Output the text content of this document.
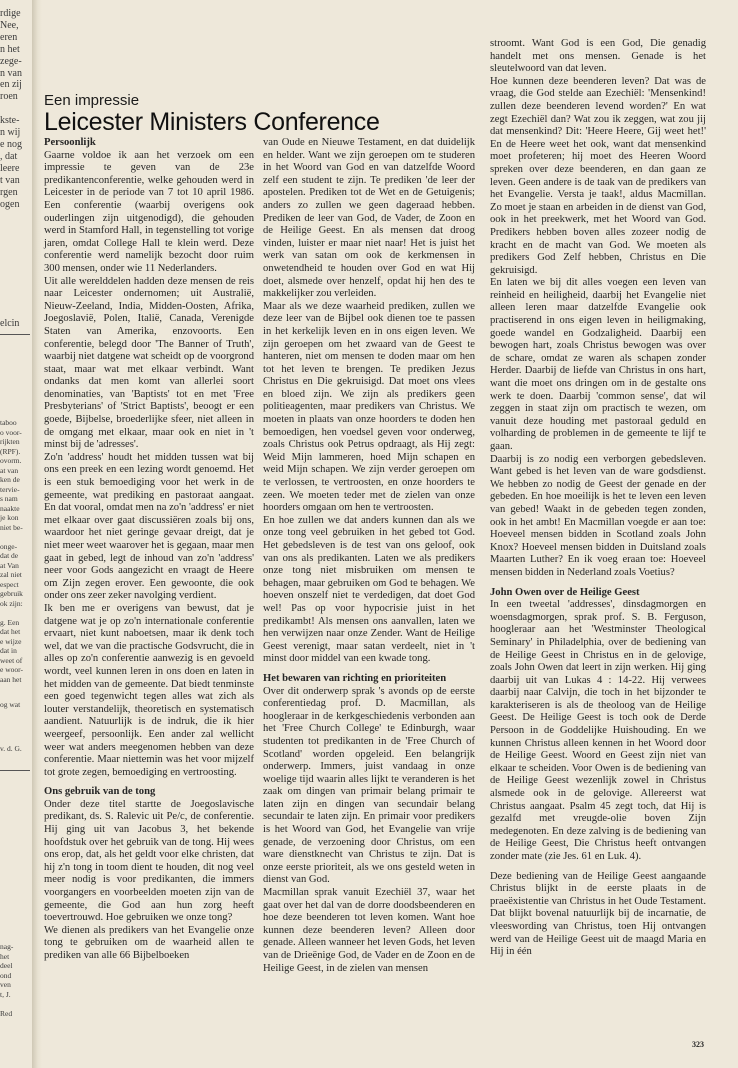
rdige
Nee,
eren
n het
zege-
n van
en zij
roen

kste-
n wij
e nog
, dat
leere
t van
rgen
ogen
elcin
taboo
o voor-
rijkten
(RPF).
ovorm.
at van
ken de
tervie-
s nam
naakte
je kon
niet be-

onge-
dat de
at Van
zal niet
espect
gebruik
ok zijn:

g. Een
dat het
e wijze
dat in
weet of
e woor-
aan het
og wat
v. d. G.
nag-
het
deel
ond
ven
t, J.

Red
Een impressie
Leicester Ministers Conference
Persoonlijk

Gaarne voldoe ik aan het verzoek om een impressie te geven van de 23e predikantenconferentie, welke gehouden werd in Leicester in de periode van 7 tot 10 april 1986. Een conferentie (waarbij overigens ook ouderlingen zijn uitgenodigd), die gehouden werd in Stamford Hall, in tegenstelling tot vorige jaren, omdat College Hall te klein werd. Deze conferentie werd namelijk bezocht door ruim 300 mensen, onder wie 11 Nederlanders.

Uit alle werelddelen hadden deze mensen de reis naar Leicester ondernomen; uit Australië, Nieuw-Zeeland, India, Midden-Oosten, Afrika, Joegoslavië, Polen, Italië, Canada, Verenigde Staten van Amerika, enzovoorts. Een conferentie, belegd door 'The Banner of Truth', waarbij niet datgene wat scheidt op de voorgrond staat, maar wat met elkaar verbindt. Want ondanks dat men komt van allerlei soort denominaties, van 'Baptists' tot en met 'Free Presbyterians' of 'Strict Baptists', beoogt er een goede, Bijbelse, broederlijke sfeer, niet alleen in de omgang met elkaar, maar ook en niet in 't minst bij de 'adresses'.

Zo'n 'address' houdt het midden tussen wat bij ons een preek en een lezing wordt genoemd. Het is een stuk bemoediging voor het werk in de gemeente, wat prediking en pastoraat aangaat. En dat vooral, omdat men na zo'n 'address' er niet met elkaar over gaat discussiëren zoals bij ons, waardoor het niet geringe gevaar dreigt, dat je niet meer weet waarover het is gegaan, maar men gaat in gebed, legt de inhoud van zo'n 'address' neer voor Gods aangezicht en vraagt de Heere om Zijn zegen erover. Een gewoonte, die ook onder ons zeer zeker navolging verdient.

Ik ben me er overigens van bewust, dat je datgene wat je op zo'n internationale conferentie ervaart, niet kunt naboetsen, maar ik denk toch wel, dat we van die practische Godsvrucht, die in alles op zo'n conferentie aanwezig is en gevoeld wordt, veel kunnen leren in ons doen en laten in het midden van de gemeente. Dat biedt tenminste een goed tegenwicht tegen alles wat zich als louter verstandelijk, theoretisch en systematisch aandient. Natuurlijk is de indruk, die ik hier weergeef, persoonlijk. Een ander zal wellicht weer wat anders meegenomen hebben van deze conferentie. Maar niettemin was het voor mijzelf tot grote zegen, bemoediging en vertroosting.

Ons gebruik van de tong

Onder deze titel startte de Joegoslavische predikant, ds. S. Ralevic uit Pe/c, de conferentie. Hij ging uit van Jacobus 3, het bekende hoofdstuk over het gebruik van de tong. Hij wees ons erop, dat, als het geldt voor elke christen, dat hij z'n tong in toom dient te houden, dit nog veel meer nodig is voor predikanten, die immers voorgangers en voorbeelden moeten zijn van de gemeente, die God aan hun zorg heeft toevertrouwd. Hoe gebruiken we onze tong?

We dienen als predikers van het Evangelie onze tong te gebruiken om de waarheid allen te prediken van alle 66 Bijbelboeken

van Oude en Nieuwe Testament, en dat duidelijk en helder. Want we zijn geroepen om te studeren in het Woord van God en van datzelfde Woord zelf een student te zijn. Te prediken 'de leer der apostelen. Prediken tot de Wet en de Getuigenis; anders zo zullen we geen dageraad hebben. Prediken de leer van God, de Vader, de Zoon en de Heilige Geest. En als mensen dat droog vinden, luister er maar niet naar! Het is juist het werk van satan om ook de kerkmensen in onwetendheid te houden over God en wat Hij doet, alsmede over henzelf, opdat hij hen des te makkelijker zou verleiden.

Maar als we deze waarheid prediken, zullen we deze leer van de Bijbel ook dienen toe te passen in het kerkelijk leven en in ons eigen leven. We zijn geroepen om het zwaard van de Geest te hanteren, niet om mensen te doden maar om hen tot het leven te brengen. Te prediken Jezus Christus en Die gekruisigd. Dat moet ons vlees en bloed zijn. We zijn als predikers geen politieagenten, maar predikers van Christus. We moeten in plaats van onze hoorders te doden hen bemoedigen, hen voedsel geven voor onderweg, zoals Christus ook Petrus opdraagt, als Hij zegt: Weid Mijn lammeren, hoed Mijn schapen en weid Mijn schapen. We zijn verder geroepen om te verlossen, te vertroosten, en onze hoorders te zeen. We moeten teder met de zielen van onze hoorders omgaan om hen te vertroosten.

En hoe zullen we dat anders kunnen dan als we onze tong veel gebruiken in het gebed tot God. Het gebedsleven is de test van ons geloof, ook van ons als predikanten. Laten we als predikers onze tong niet misbruiken om mensen te behagen, maar gebruiken om God te behagen. We hoeven onszelf niet te verdedigen, dat doet God wel! Pas op voor hypocrisie juist in het predikambt! Als mensen ons aanvallen, laten we hen verwijzen naar onze Zender. Want de Heilige Geest verenigt, maar satan verdeelt, niet in 't minst door middel van een kwade tong.

Het bewaren van richting en prioriteiten

Over dit onderwerp sprak 's avonds op de eerste conferentiedag prof. D. Macmillan, als hoogleraar in de kerkgeschiedenis verbonden aan het 'Free Church College' te Edinburgh, waar studenten tot predikanten in de 'Free Church of Scotland' worden opgeleid. Een belangrijk onderwerp. Immers, juist vandaag in onze woelige tijd waarin alles lijkt te veranderen is het zaak om dingen van primair belang primair te laten zijn en dingen van secundair belang secundair te laten zijn. En primair voor predikers is het Woord van God, het Evangelie van vrije genade, de verzoening door Christus, om een ware dienstknecht van Christus te zijn. Dat is onze eerste prioriteit, als we ons gesteld weten in dienst van God.

Macmillan sprak vanuit Ezechiël 37, waar het gaat over het dal van de dorre doodsbeenderen en hoe deze beenderen tot leven komen. Want hoe kunnen deze beenderen leven? Alleen door genade. Alleen wanneer het leven Gods, het leven van de Drieënige God, de Vader en de Zoon en de Heilige Geest, in de zielen van mensen

stroomt. Want God is een God, Die genadig handelt met ons mensen. Genade is het sleutelwoord van dat leven.

Hoe kunnen deze beenderen leven? Dat was de vraag, die God stelde aan Ezechiël: 'Mensenkind! zullen deze beenderen levend worden?' En wat zegt Ezechiël dan? Wat zou ik zeggen, wat zou jij dat mensenkind? Dit: 'Heere Heere, Gij weet het!' En de Heere weet het ook, want dat mensenkind moet profeteren; hij moet des Heeren Woord spreken over deze beenderen, en dan gaan ze leven. Geen andere is de taak van de predikers van het Evangelie. Versta je taak!, aldus Macmillan. Zo moet je staan en arbeiden in de dienst van God, ook in het preekwerk, met het Woord van God. Predikers hebben boven alles zozeer nodig de kracht en de macht van God. We moeten als predikers God Zelf hebben, Christus en Die gekruisigd.

En laten we bij dit alles voegen een leven van reinheid en heiligheid, daarbij het Evangelie niet alleen leren maar datzelfde Evangelie ook practiserend in ons eigen leven in heiligmaking, goede wandel en Godzaligheid. Daarbij een bewogen hart, zoals Christus bewogen was over de schare, omdat ze waren als schapen zonder Herder. Daarbij de liefde van Christus in ons hart, want die moet ons dringen om in de gestalte ons werk te doen. Daarbij 'common sense', dat wil zeggen in staat zijn om practisch te wezen, om vanuit deze houding met pastoraal geduld en volharding de problemen in de gemeente te lijf te gaan.

Daarbij is zo nodig een verborgen gebedsleven. Want gebed is het leven van de ware godsdienst. We hebben zo nodig de Geest der genade en der gebeden. En hoe moeilijk is het te leven een leven van gebed! Waakt in de gebeden tegen zonden, ook in het ambt! En Macmillan voegde er aan toe: Hoeveel mensen bidden in Scotland zoals John Knox? Hoeveel mensen bidden in Duitsland zoals Maarten Luther? En ik voeg eraan toe: Hoeveel mensen bidden in Nederland zoals Voetius?

John Owen over de Heilige Geest

In een tweetal 'addresses', dinsdagmorgen en woensdagmorgen, sprak prof. S. B. Ferguson, hoogleraar aan het 'Westminster Theological Seminary' in Philadelphia, over de bediening van de Heilige Geest in Christus en in de gelovige, zoals John Owen dat leert in zijn werken. Hij ging daarbij uit van Lukas 4 : 14-22. Hij verwees daarbij naar Calvijn, die toch in het bijzonder te karakteriseren is als de theoloog van de Heilige Geest. De Heilige Geest is toch ook de Derde Persoon in de Goddelijke Huishouding. En we kunnen Christus alleen kennen in het Woord door de Heilige Geest. Woord en Geest zijn niet van elkaar te scheiden. Voor Owen is de bediening van de Heilige Geest wezenlijk zowel in Christus alsmede ook in de gelovige. Allereerst wat Christus aangaat. Psalm 45 zegt toch, dat Hij is gezalfd met vreugde-olie boven Zijn medegenoten. En deze zalving is de bediening van de Heilige Geest, Die Christus heeft ontvangen zonder mate (zie Jes. 61 en Luk. 4).

Deze bediening van de Heilige Geest aangaande Christus blijkt in de eerste plaats in de praeëxistentie van Christus in het Oude Testament. Dat blijkt bovenal natuurlijk bij de incarnatie, de vleeswording van Christus, toen Hij ontvangen werd van de Heilige Geest uit de maagd Maria en Hij in één

323
